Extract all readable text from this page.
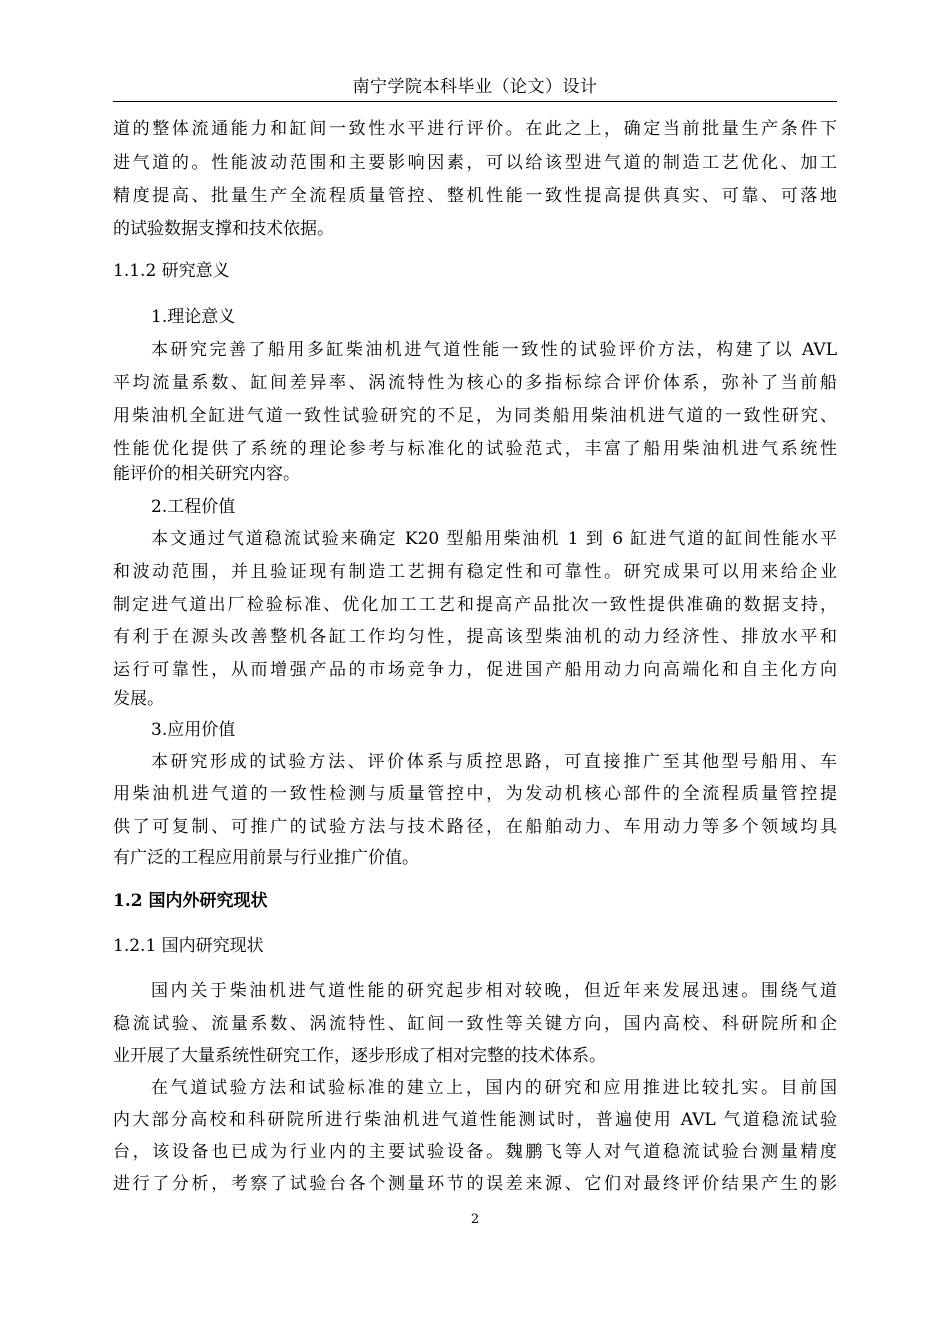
南宁学院本科毕业（论文）设计
道的整体流通能力和缸间一致性水平进行评价。在此之上，确定当前批量生产条件下
进气道的。性能波动范围和主要影响因素，可以给该型进气道的制造工艺优化、加工
精度提高、批量生产全流程质量管控、整机性能一致性提高提供真实、可靠、可落地
的试验数据支撑和技术依据。
1.1.2 研究意义
1.理论意义
本研究完善了船用多缸柴油机进气道性能一致性的试验评价方法，构建了以 AVL
平均流量系数、缸间差异率、涡流特性为核心的多指标综合评价体系，弥补了当前船
用柴油机全缸进气道一致性试验研究的不足，为同类船用柴油机进气道的一致性研究、
性能优化提供了系统的理论参考与标准化的试验范式，丰富了船用柴油机进气系统性
能评价的相关研究内容。
2.工程价值
本文通过气道稳流试验来确定 K20 型船用柴油机 1 到 6 缸进气道的缸间性能水平
和波动范围，并且验证现有制造工艺拥有稳定性和可靠性。研究成果可以用来给企业
制定进气道出厂检验标准、优化加工工艺和提高产品批次一致性提供准确的数据支持，
有利于在源头改善整机各缸工作均匀性，提高该型柴油机的动力经济性、排放水平和
运行可靠性，从而增强产品的市场竞争力，促进国产船用动力向高端化和自主化方向
发展。
3.应用价值
本研究形成的试验方法、评价体系与质控思路，可直接推广至其他型号船用、车
用柴油机进气道的一致性检测与质量管控中，为发动机核心部件的全流程质量管控提
供了可复制、可推广的试验方法与技术路径，在船舶动力、车用动力等多个领域均具
有广泛的工程应用前景与行业推广价值。
1.2 国内外研究现状
1.2.1 国内研究现状
国内关于柴油机进气道性能的研究起步相对较晚，但近年来发展迅速。围绕气道
稳流试验、流量系数、涡流特性、缸间一致性等关键方向，国内高校、科研院所和企
业开展了大量系统性研究工作，逐步形成了相对完整的技术体系。
在气道试验方法和试验标准的建立上，国内的研究和应用推进比较扎实。目前国
内大部分高校和科研院所进行柴油机进气道性能测试时，普遍使用 AVL 气道稳流试验
台，该设备也已成为行业内的主要试验设备。魏鹏飞等人对气道稳流试验台测量精度
进行了分析，考察了试验台各个测量环节的误差来源、它们对最终评价结果产生的影
2
